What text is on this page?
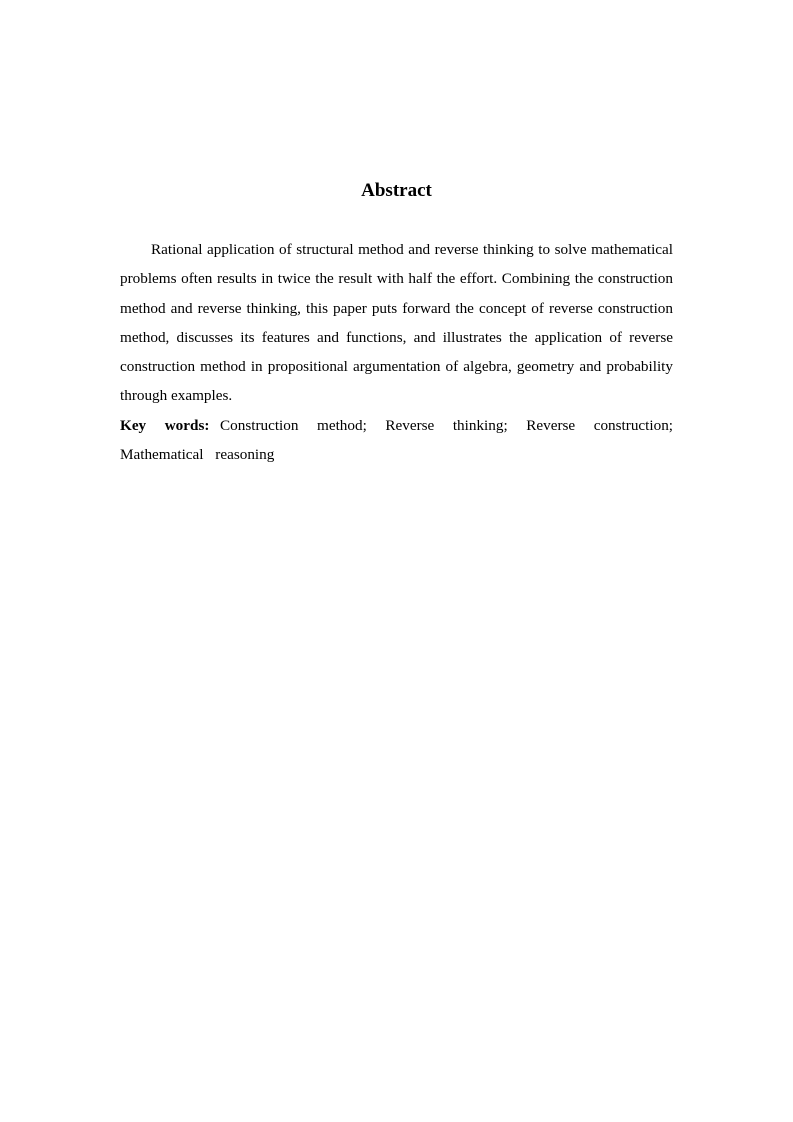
Abstract

Rational application of structural method and reverse thinking to solve mathematical problems often results in twice the result with half the effort. Combining the construction method and reverse thinking, this paper puts forward the concept of reverse construction method, discusses its features and functions, and illustrates the application of reverse construction method in propositional argumentation of algebra, geometry and probability through examples.

Key words: Construction method; Reverse thinking; Reverse construction; Mathematical reasoning
